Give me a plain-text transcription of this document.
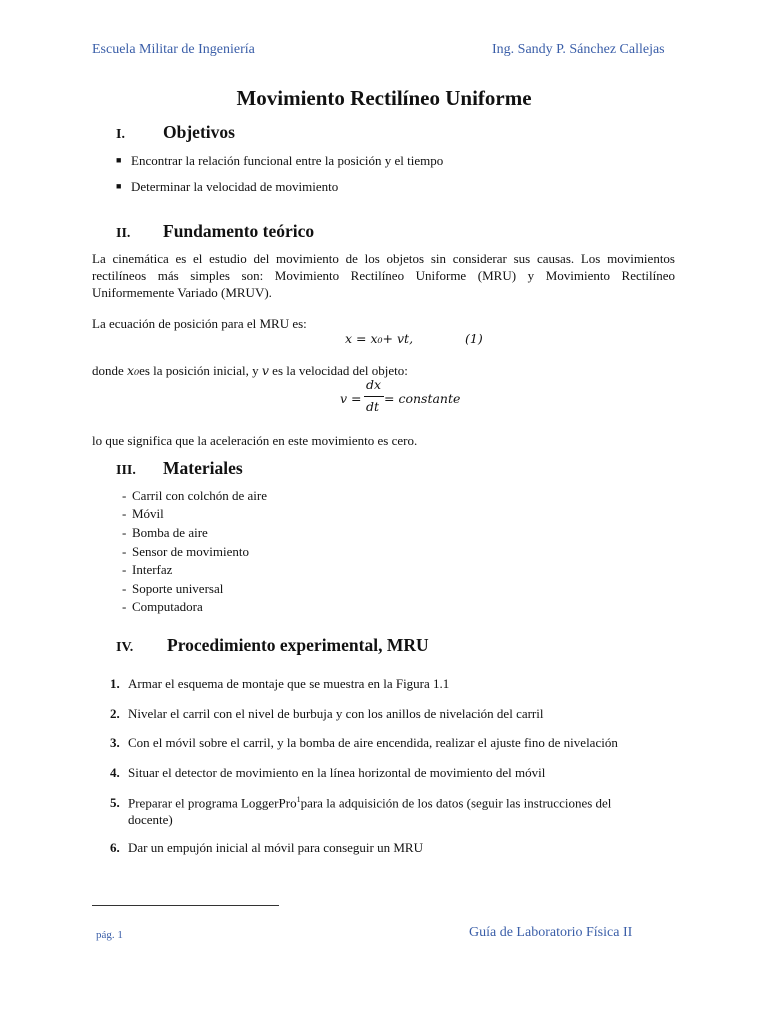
Escuela Militar de Ingeniería	Ing. Sandy P. Sánchez Callejas
Movimiento Rectilíneo Uniforme
I. Objetivos
■ Encontrar la relación funcional entre la posición y el tiempo
■ Determinar la velocidad de movimiento
II. Fundamento teórico
La cinemática es el estudio del movimiento de los objetos sin considerar sus causas. Los movimientos
rectilíneos más simples son: Movimiento Rectilíneo Uniforme (MRU) y Movimiento Rectilíneo
Uniformemente Variado (MRUV).
La ecuación de posición para el MRU es:
x = x₀+ vt,	(1)
donde x₀es la posición inicial, y v es la velocidad del objeto:
v =
dx
dt
= constante
lo que significa que la aceleración en este movimiento es cero.
III. Materiales
- Carril con colchón de aire
- Móvil
- Bomba de aire
- Sensor de movimiento
- Interfaz
- Soporte universal
- Computadora
IV. Procedimiento experimental, MRU
1. Armar el esquema de montaje que se muestra en la Figura 1.1
2. Nivelar el carril con el nivel de burbuja y con los anillos de nivelación del carril
3. Con el móvil sobre el carril, y la bomba de aire encendida, realizar el ajuste fino de nivelación
4. Situar el detector de movimiento en la línea horizontal de movimiento del móvil
5. Preparar el programa LoggerPro$^1$para la adquisición de los datos (seguir las instrucciones del
docente)
6. Dar un empujón inicial al móvil para conseguir un MRU
pág. 1	Guía de Laboratorio Física II
